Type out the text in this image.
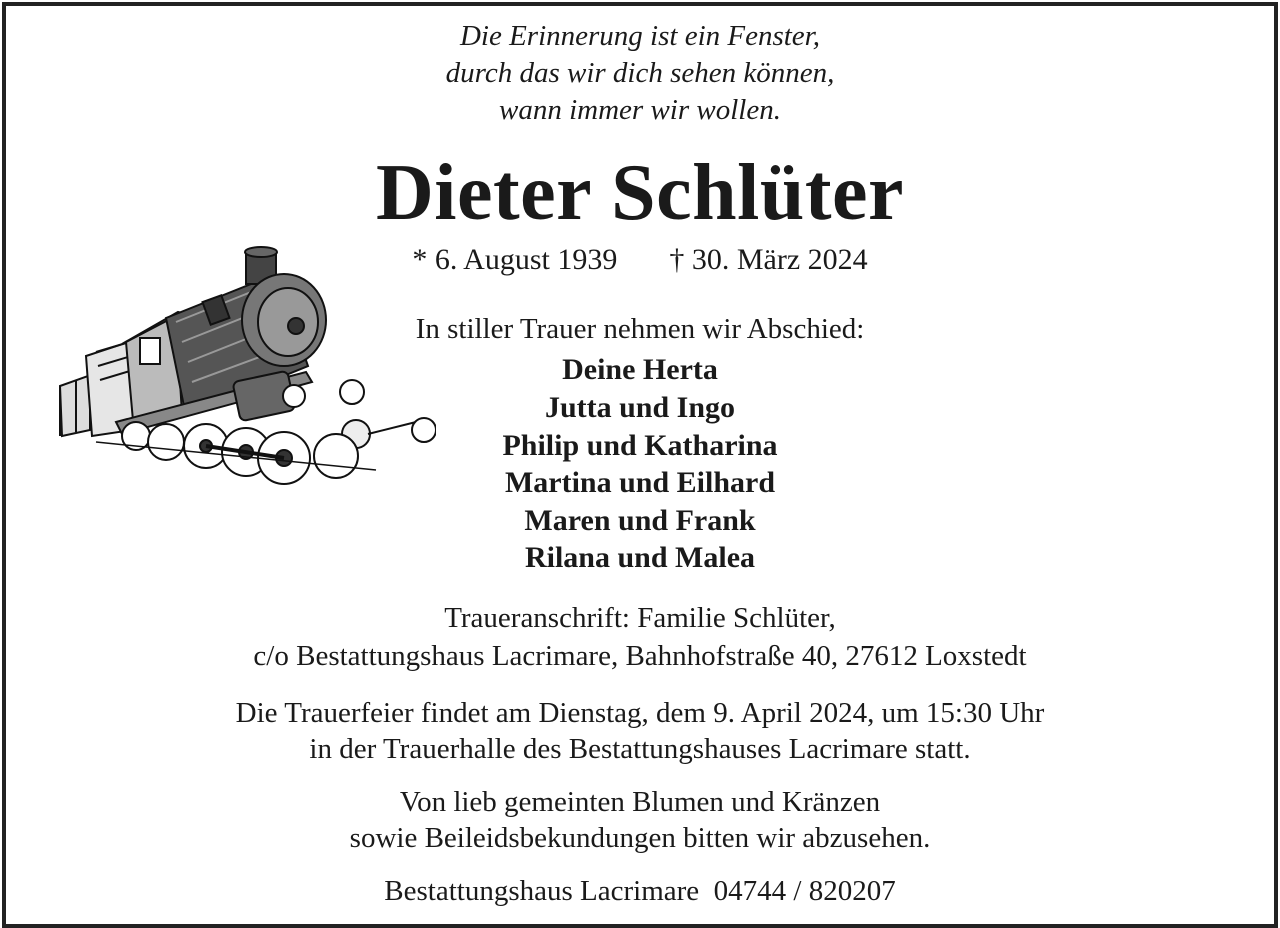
Die Erinnerung ist ein Fenster,
durch das wir dich sehen können,
wann immer wir wollen.
Dieter Schlüter
* 6. August 1939 † 30. März 2024
In stiller Trauer nehmen wir Abschied:
Deine Herta
Jutta und Ingo
Philip und Katharina
Martina und Eilhard
Maren und Frank
Rilana und Malea
Traueranschrift: Familie Schlüter,
c/o Bestattungshaus Lacrimare, Bahnhofstraße 40, 27612 Loxstedt
Die Trauerfeier findet am Dienstag, dem 9. April 2024, um 15:30 Uhr
in der Trauerhalle des Bestattungshauses Lacrimare statt.
Von lieb gemeinten Blumen und Kränzen
sowie Beileidsbekundungen bitten wir abzusehen.
Bestattungshaus Lacrimare  04744 / 820207
